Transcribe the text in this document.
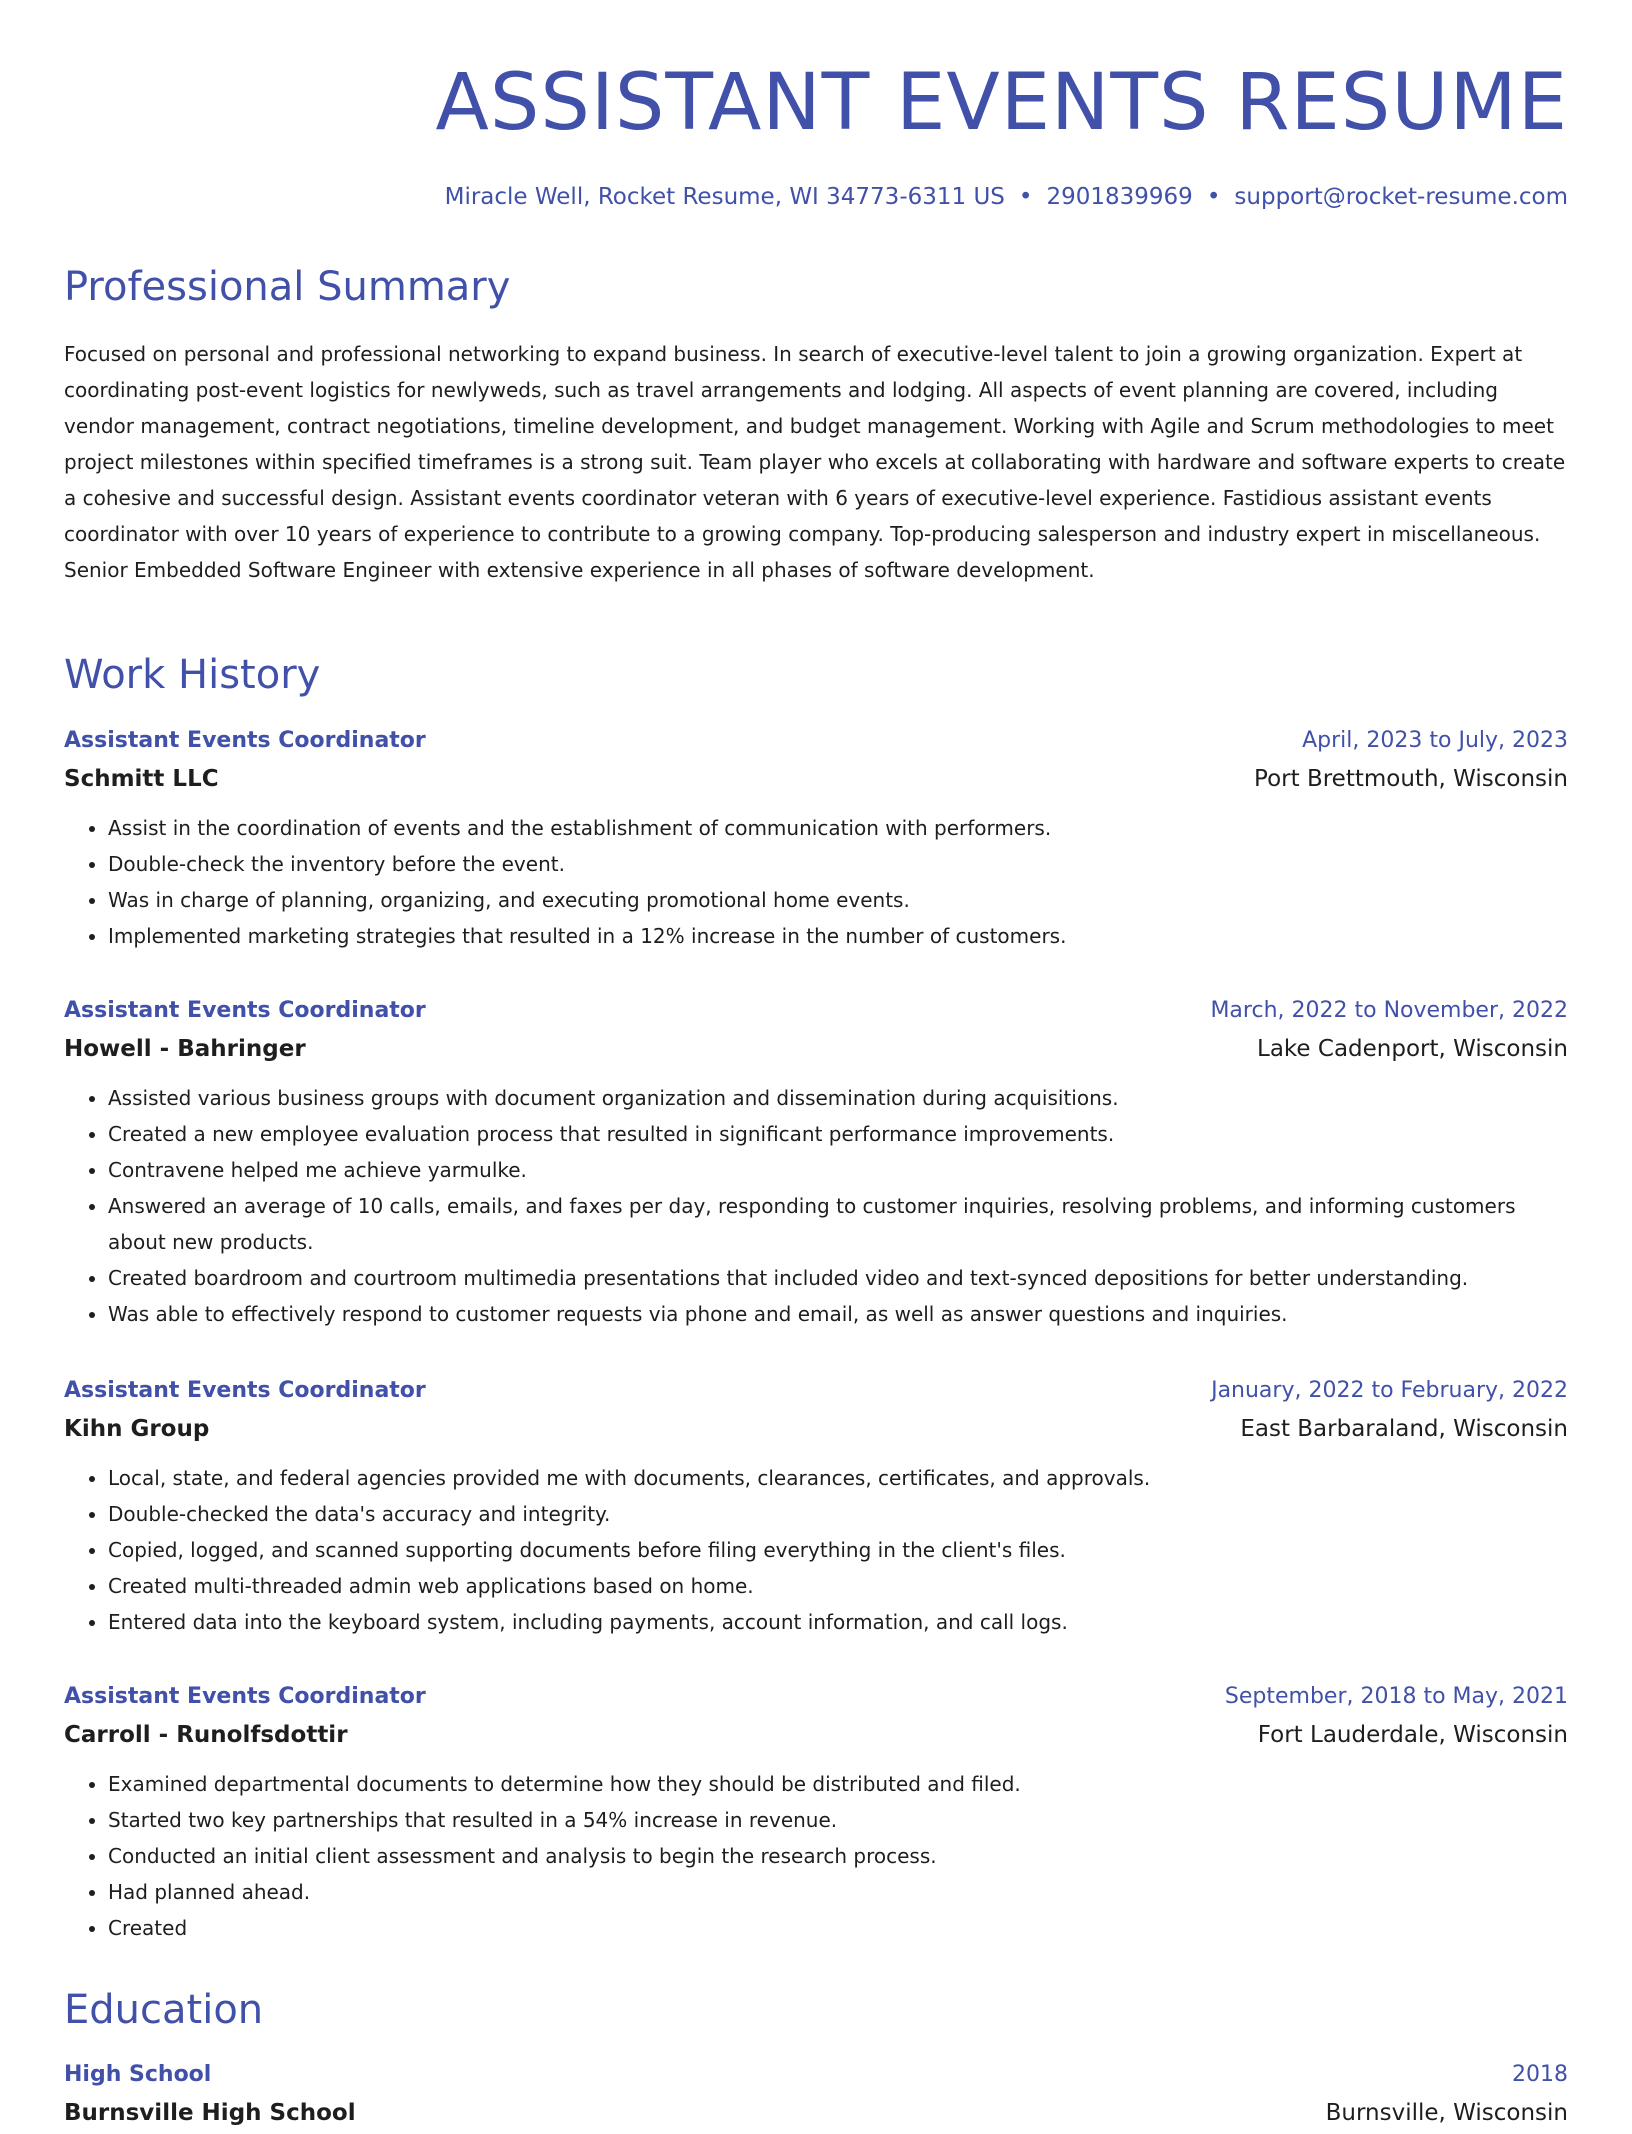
ASSISTANT EVENTS RESUME
Miracle Well, Rocket Resume, WI 34773-6311 US • 2901839969 • support@rocket-resume.com
Professional Summary

Focused on personal and professional networking to expand business. In search of executive-level talent to join a growing organization. Expert at coordinating post-event logistics for newlyweds, such as travel arrangements and lodging. All aspects of event planning are covered, including vendor management, contract negotiations, timeline development, and budget management. Working with Agile and Scrum methodologies to meet project milestones within specified timeframes is a strong suit. Team player who excels at collaborating with hardware and software experts to create a cohesive and successful design. Assistant events coordinator veteran with 6 years of executive-level experience. Fastidious assistant events coordinator with over 10 years of experience to contribute to a growing company. Top-producing salesperson and industry expert in miscellaneous. Senior Embedded Software Engineer with extensive experience in all phases of software development.

Work History
Assistant Events Coordinator	April, 2023 to July, 2023
Schmitt LLC	Port Brettmouth, Wisconsin
• Assist in the coordination of events and the establishment of communication with performers.
• Double-check the inventory before the event.
• Was in charge of planning, organizing, and executing promotional home events.
• Implemented marketing strategies that resulted in a 12% increase in the number of customers.
Assistant Events Coordinator	March, 2022 to November, 2022
Howell - Bahringer	Lake Cadenport, Wisconsin
• Assisted various business groups with document organization and dissemination during acquisitions.
• Created a new employee evaluation process that resulted in significant performance improvements.
• Contravene helped me achieve yarmulke.
• Answered an average of 10 calls, emails, and faxes per day, responding to customer inquiries, resolving problems, and informing customers about new products.
• Created boardroom and courtroom multimedia presentations that included video and text-synced depositions for better understanding.
• Was able to effectively respond to customer requests via phone and email, as well as answer questions and inquiries.
Assistant Events Coordinator	January, 2022 to February, 2022
Kihn Group	East Barbaraland, Wisconsin
• Local, state, and federal agencies provided me with documents, clearances, certificates, and approvals.
• Double-checked the data's accuracy and integrity.
• Copied, logged, and scanned supporting documents before filing everything in the client's files.
• Created multi-threaded admin web applications based on home.
• Entered data into the keyboard system, including payments, account information, and call logs.
Assistant Events Coordinator	September, 2018 to May, 2021
Carroll - Runolfsdottir	Fort Lauderdale, Wisconsin
• Examined departmental documents to determine how they should be distributed and filed.
• Started two key partnerships that resulted in a 54% increase in revenue.
• Conducted an initial client assessment and analysis to begin the research process.
• Had planned ahead.
• Created
Education
High School	2018
Burnsville High School	Burnsville, Wisconsin
